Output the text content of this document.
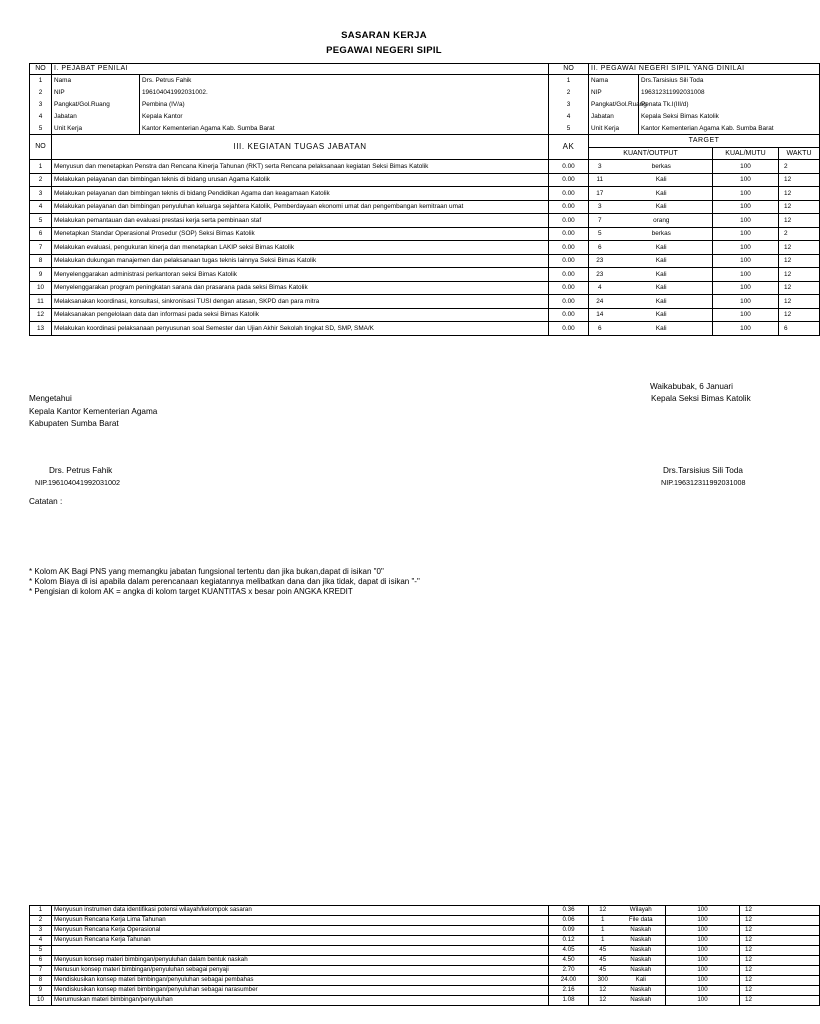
SASARAN KERJA
PEGAWAI NEGERI SIPIL
NO	I. PEJABAT PENILAI		NO	II. PEGAWAI NEGERI SIPIL YANG DINILAI				
1	Nama	Drs. Petrus Fahik	1	Nama		Drs.Tarsisius Sili Toda		
2	NIP	196104041992031002.	2	NIP		196312311992031008		
3	Pangkat/Gol.Ruang	Pembina (IV/a)	3	Pangkat/Gol.Ruang		Penata Tk.I(III/d)		
4	Jabatan	Kepala Kantor	4	Jabatan		Kepala Seksi Bimas Katolik		
5	Unit Kerja	Kantor Kementerian Agama Kab. Sumba Barat	5	Unit Kerja		Kantor Kementerian Agama Kab. Sumba Barat		
NO	III. KEGIATAN TUGAS JABATAN		AK	TARGET				
				KUANT/OUTPUT			KUAL/MUTU	WAKTU
1	Menyusun dan menetapkan Penstra dan Rencana Kinerja Tahunan (RKT) serta Rencana pelaksanaan kegiatan Seksi Bimas Katolik		0.00	3	berkas		100	2
2	Melakukan pelayanan dan bimbingan teknis di bidang urusan Agama Katolik		0.00	11	Kali		100	12
3	Melakukan pelayanan dan bimbingan teknis di bidang Pendidikan Agama dan keagamaan Katolik		0.00	17	Kali		100	12
4	Melakukan pelayanan dan bimbingan penyuluhan keluarga sejahtera Katolik, Pemberdayaan ekonomi umat dan pengembangan kemitraan umat		0.00	3	Kali		100	12
5	Melakukan pemantauan dan evaluasi prestasi kerja serta pembinaan staf		0.00	7	orang		100	12
6	Menetapkan Standar Operasional Prosedur (SOP) Seksi Bimas Katolik		0.00	5	berkas		100	2
7	Melakukan evaluasi, pengukuran kinerja dan menetapkan LAKIP seksi Bimas Katolik		0.00	6	Kali		100	12
8	Melakukan dukungan manajemen dan pelaksanaan tugas teknis lainnya Seksi Bimas Katolik		0.00	23	Kali		100	12
9	Menyelenggarakan administrasi perkantoran seksi Bimas Katolik		0.00	23	Kali		100	12
10	Menyelenggarakan program peningkatan sarana dan prasarana pada seksi Bimas Katolik		0.00	4	Kali		100	12
11	Melaksanakan koordinasi, konsultasi, sinkronisasi TUSI dengan atasan, SKPD dan para mitra		0.00	24	Kali		100	12
12	Melaksanakan pengelolaan data dan informasi pada seksi Bimas Katolik		0.00	14	Kali		100	12
13	Melakukan koordinasi pelaksanaan penyusunan soal Semester dan Ujian Akhir Sekolah tingkat SD, SMP, SMA/K		0.00	6	Kali		100	6
Waikabubak, 6 Januari
Kepala Seksi Bimas Katolik
Mengetahui
Kepala Kantor Kementerian Agama
Kabupaten Sumba Barat
Drs. Petrus Fahik
NIP.196104041992031002
Drs.Tarsisius Sili Toda
NIP.196312311992031008
Catatan :
* Kolom AK Bagi PNS yang memangku jabatan fungsional tertentu dan jika bukan,dapat di isikan "0"
* Kolom Biaya di isi apabila dalam perencanaan kegiatannya melibatkan dana dan jika tidak, dapat di isikan "-"
* Pengisian di kolom AK = angka di kolom target KUANTITAS x besar poin ANGKA KREDIT
1	Menyusun instrumen data identifikasi potensi wilayah/kelompok sasaran	0.36	12	Wilayah	100	12
2	Menyusun Rencana Kerja Lima Tahunan	0.06	1	File data	100	12
3	Menyusun Rencana Kerja Operasional	0.09	1	Naskah	100	12
4	Menyusun Rencana Kerja Tahunan	0.12	1	Naskah	100	12
5		4.05	45	Naskah	100	12
6	Menyusun konsep materi bimbingan/penyuluhan dalam bentuk naskah	4.50	45	Naskah	100	12
7	Menusun konsep materi bimbingan/penyuluhan sebagai penyaji	2.70	45	Naskah	100	12
8	Mendiskusikan konsep materi bimbingan/penyuluhan sebagai pembahas	24.00	300	Kali	100	12
9	Mendiskusikan konsep materi bimbingan/penyuluhan sebagai narasumber	2.16	12	Naskah	100	12
10	Merumuskan materi bimbingan/penyuluhan	1.08	12	Naskah	100	12
